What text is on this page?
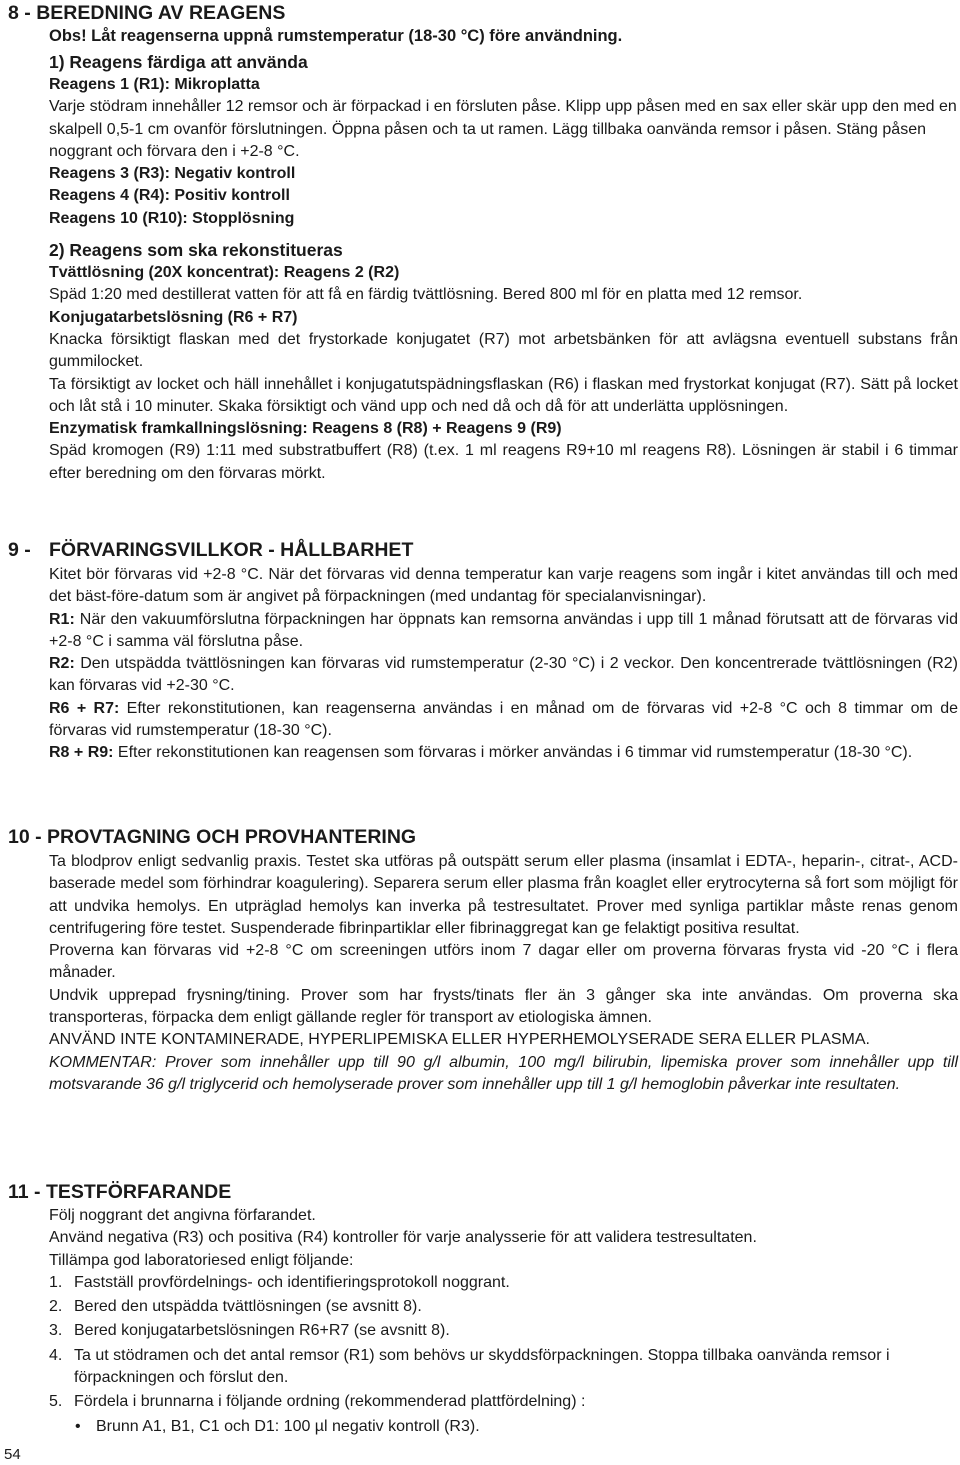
8 - BEREDNING AV REAGENS

Obs! Låt reagenserna uppnå rumstemperatur (18-30 °C) före användning.

1) Reagens färdiga att använda

Reagens 1 (R1): Mikroplatta

Varje stödram innehåller 12 remsor och är förpackad i en försluten påse. Klipp upp påsen med en sax eller skär upp den med en skalpell 0,5-1 cm ovanför förslutningen. Öppna påsen och ta ut ramen. Lägg tillbaka oanvända remsor i påsen. Stäng påsen noggrant och förvara den i +2-8 °C.

Reagens 3 (R3): Negativ kontroll

Reagens 4 (R4): Positiv kontroll

Reagens 10 (R10): Stopplösning

2) Reagens som ska rekonstitueras

Tvättlösning (20X koncentrat): Reagens 2 (R2)

Späd 1:20 med destillerat vatten för att få en färdig tvättlösning. Bered 800 ml för en platta med 12 remsor.

Konjugatarbetslösning (R6 + R7)

Knacka försiktigt flaskan med det frystorkade konjugatet (R7) mot arbetsbänken för att avlägsna eventuell substans från gummilocket.

Ta försiktigt av locket och häll innehållet i konjugatutspädningsflaskan (R6) i flaskan med frystorkat konjugat (R7). Sätt på locket och låt stå i 10 minuter. Skaka försiktigt och vänd upp och ned då och då för att underlätta upplösningen.

Enzymatisk framkallningslösning: Reagens 8 (R8) + Reagens 9 (R9)

Späd kromogen (R9) 1:11 med substratbuffert (R8) (t.ex. 1 ml reagens R9+10 ml reagens R8). Lösningen är stabil i 6 timmar efter beredning om den förvaras mörkt.

9 - FÖRVARINGSVILLKOR - HÅLLBARHET

Kitet bör förvaras vid +2-8 °C. När det förvaras vid denna temperatur kan varje reagens som ingår i kitet användas till och med det bäst-före-datum som är angivet på förpackningen (med undantag för specialanvisningar).

R1: När den vakuumförslutna förpackningen har öppnats kan remsorna användas i upp till 1 månad förutsatt att de förvaras vid +2-8 °C i samma väl förslutna påse.

R2: Den utspädda tvättlösningen kan förvaras vid rumstemperatur (2-30 °C) i 2 veckor. Den koncentrerade tvättlösningen (R2) kan förvaras vid +2-30 °C.

R6 + R7: Efter rekonstitutionen, kan reagenserna användas i en månad om de förvaras vid +2-8 °C och 8 timmar om de förvaras vid rumstemperatur (18-30 °C).

R8 + R9: Efter rekonstitutionen kan reagensen som förvaras i mörker användas i 6 timmar vid rumstemperatur (18-30 °C).

10 - PROVTAGNING OCH PROVHANTERING

Ta blodprov enligt sedvanlig praxis. Testet ska utföras på outspätt serum eller plasma (insamlat i EDTA-, heparin-, citrat-, ACD-baserade medel som förhindrar koagulering). Separera serum eller plasma från koaglet eller erytrocyterna så fort som möjligt för att undvika hemolys. En utpräglad hemolys kan inverka på testresultatet. Prover med synliga partiklar måste renas genom centrifugering före testet. Suspenderade fibrinpartiklar eller fibrinaggregat kan ge felaktigt positiva resultat.

Proverna kan förvaras vid +2-8 °C om screeningen utförs inom 7 dagar eller om proverna förvaras frysta vid -20 °C i flera månader.

Undvik upprepad frysning/tining. Prover som har frysts/tinats fler än 3 gånger ska inte användas. Om proverna ska transporteras, förpacka dem enligt gällande regler för transport av etiologiska ämnen.

ANVÄND INTE KONTAMINERADE, HYPERLIPEMISKA ELLER HYPERHEMOLYSERADE SERA ELLER PLASMA.

KOMMENTAR: Prover som innehåller upp till 90 g/l albumin, 100 mg/l bilirubin, lipemiska prover som innehåller upp till motsvarande 36 g/l triglycerid och hemolyserade prover som innehåller upp till 1 g/l hemoglobin påverkar inte resultaten.

11 - TESTFÖRFARANDE

Följ noggrant det angivna förfarandet.

Använd negativa (R3) och positiva (R4) kontroller för varje analysserie för att validera testresultaten.

Tillämpa god laboratoriesed enligt följande:

1. Fastställ provfördelnings- och identifieringsprotokoll noggrant.
2. Bered den utspädda tvättlösningen (se avsnitt 8).
3. Bered konjugatarbetslösningen R6+R7 (se avsnitt 8).
4. Ta ut stödramen och det antal remsor (R1) som behövs ur skyddsförpackningen. Stoppa tillbaka oanvända remsor i förpackningen och förslut den.
5. Fördela i brunnarna i följande ordning (rekommenderad plattfördelning) :

• Brunn A1, B1, C1 och D1: 100 µl negativ kontroll (R3).

54
